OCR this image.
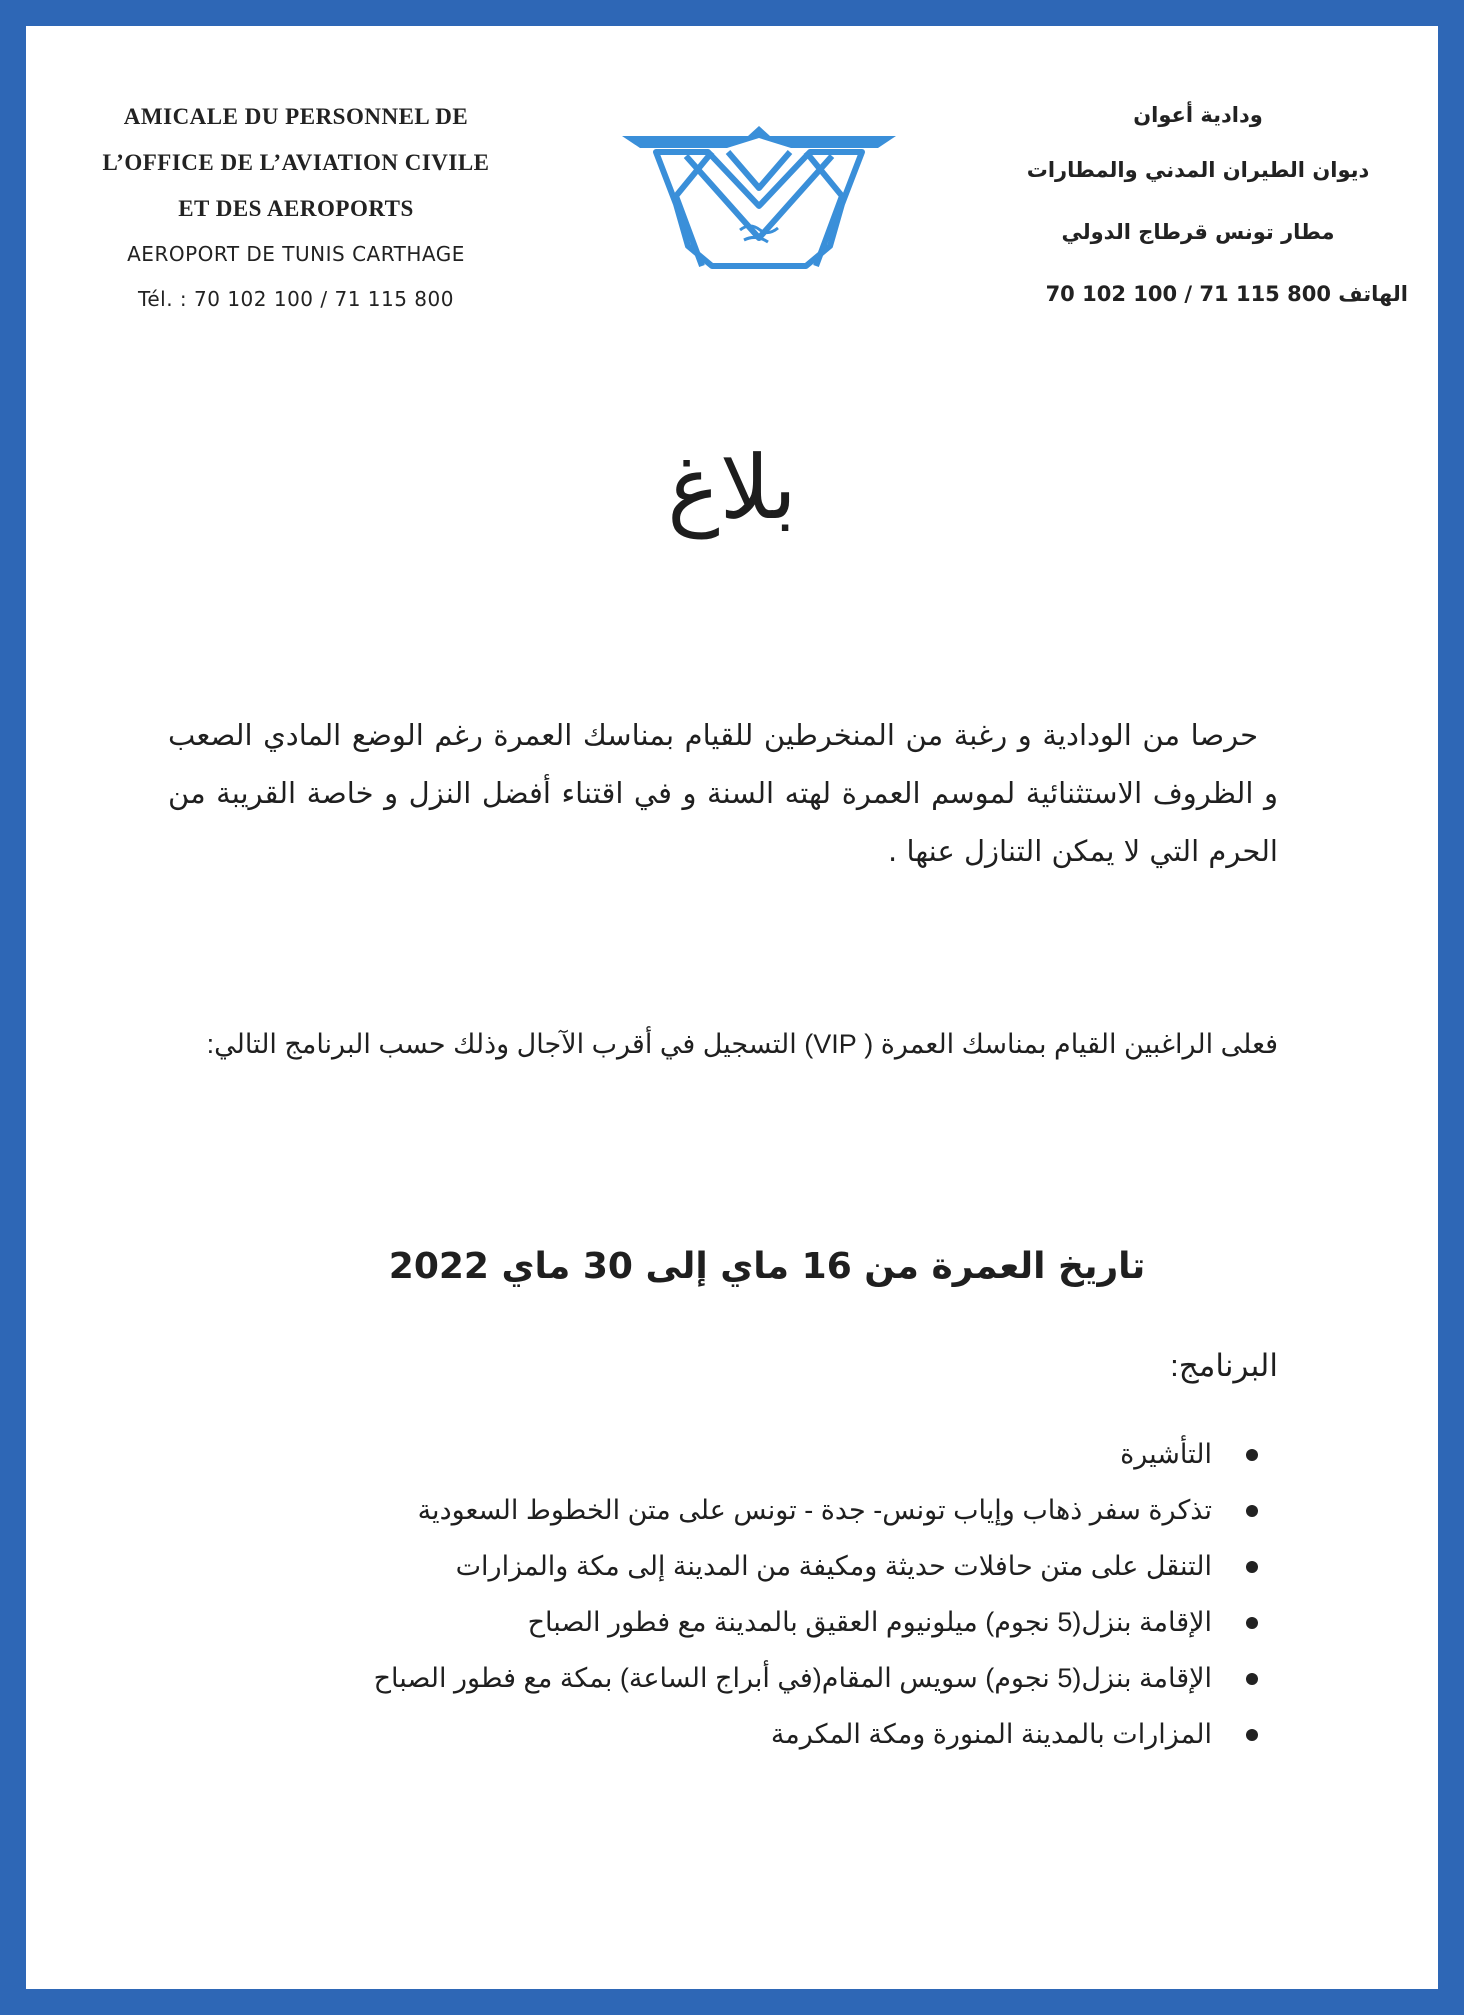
AMICALE DU PERSONNEL DE
L’OFFICE DE L’AVIATION CIVILE
ET DES AEROPORTS
AEROPORT DE TUNIS CARTHAGE
Tél. : 70 102 100 / 71 115 800
ودادية أعوان
ديوان الطيران المدني والمطارات
مطار تونس قرطاج الدولي
الهاتف 800 115 71 / 100 102 70
بلاغ
حرصا من الودادية و رغبة من المنخرطين للقيام بمناسك العمرة رغم الوضع المادي الصعب و الظروف الاستثنائية لموسم العمرة لهته السنة و في اقتناء أفضل النزل و خاصة القريبة من الحرم التي لا يمكن التنازل عنها .
فعلى الراغبين القيام بمناسك العمرة ( VIP) التسجيل في أقرب الآجال وذلك حسب البرنامج التالي:
تاريخ العمرة من 16 ماي إلى 30 ماي 2022
البرنامج:
التأشيرة
تذكرة سفر ذهاب وإياب تونس- جدة - تونس على متن الخطوط السعودية
التنقل على متن حافلات حديثة ومكيفة من المدينة إلى مكة والمزارات
الإقامة بنزل(5 نجوم) ميلونيوم العقيق بالمدينة مع فطور الصباح
الإقامة بنزل(5 نجوم) سويس المقام(في أبراج الساعة) بمكة مع فطور الصباح
المزارات بالمدينة المنورة ومكة المكرمة
